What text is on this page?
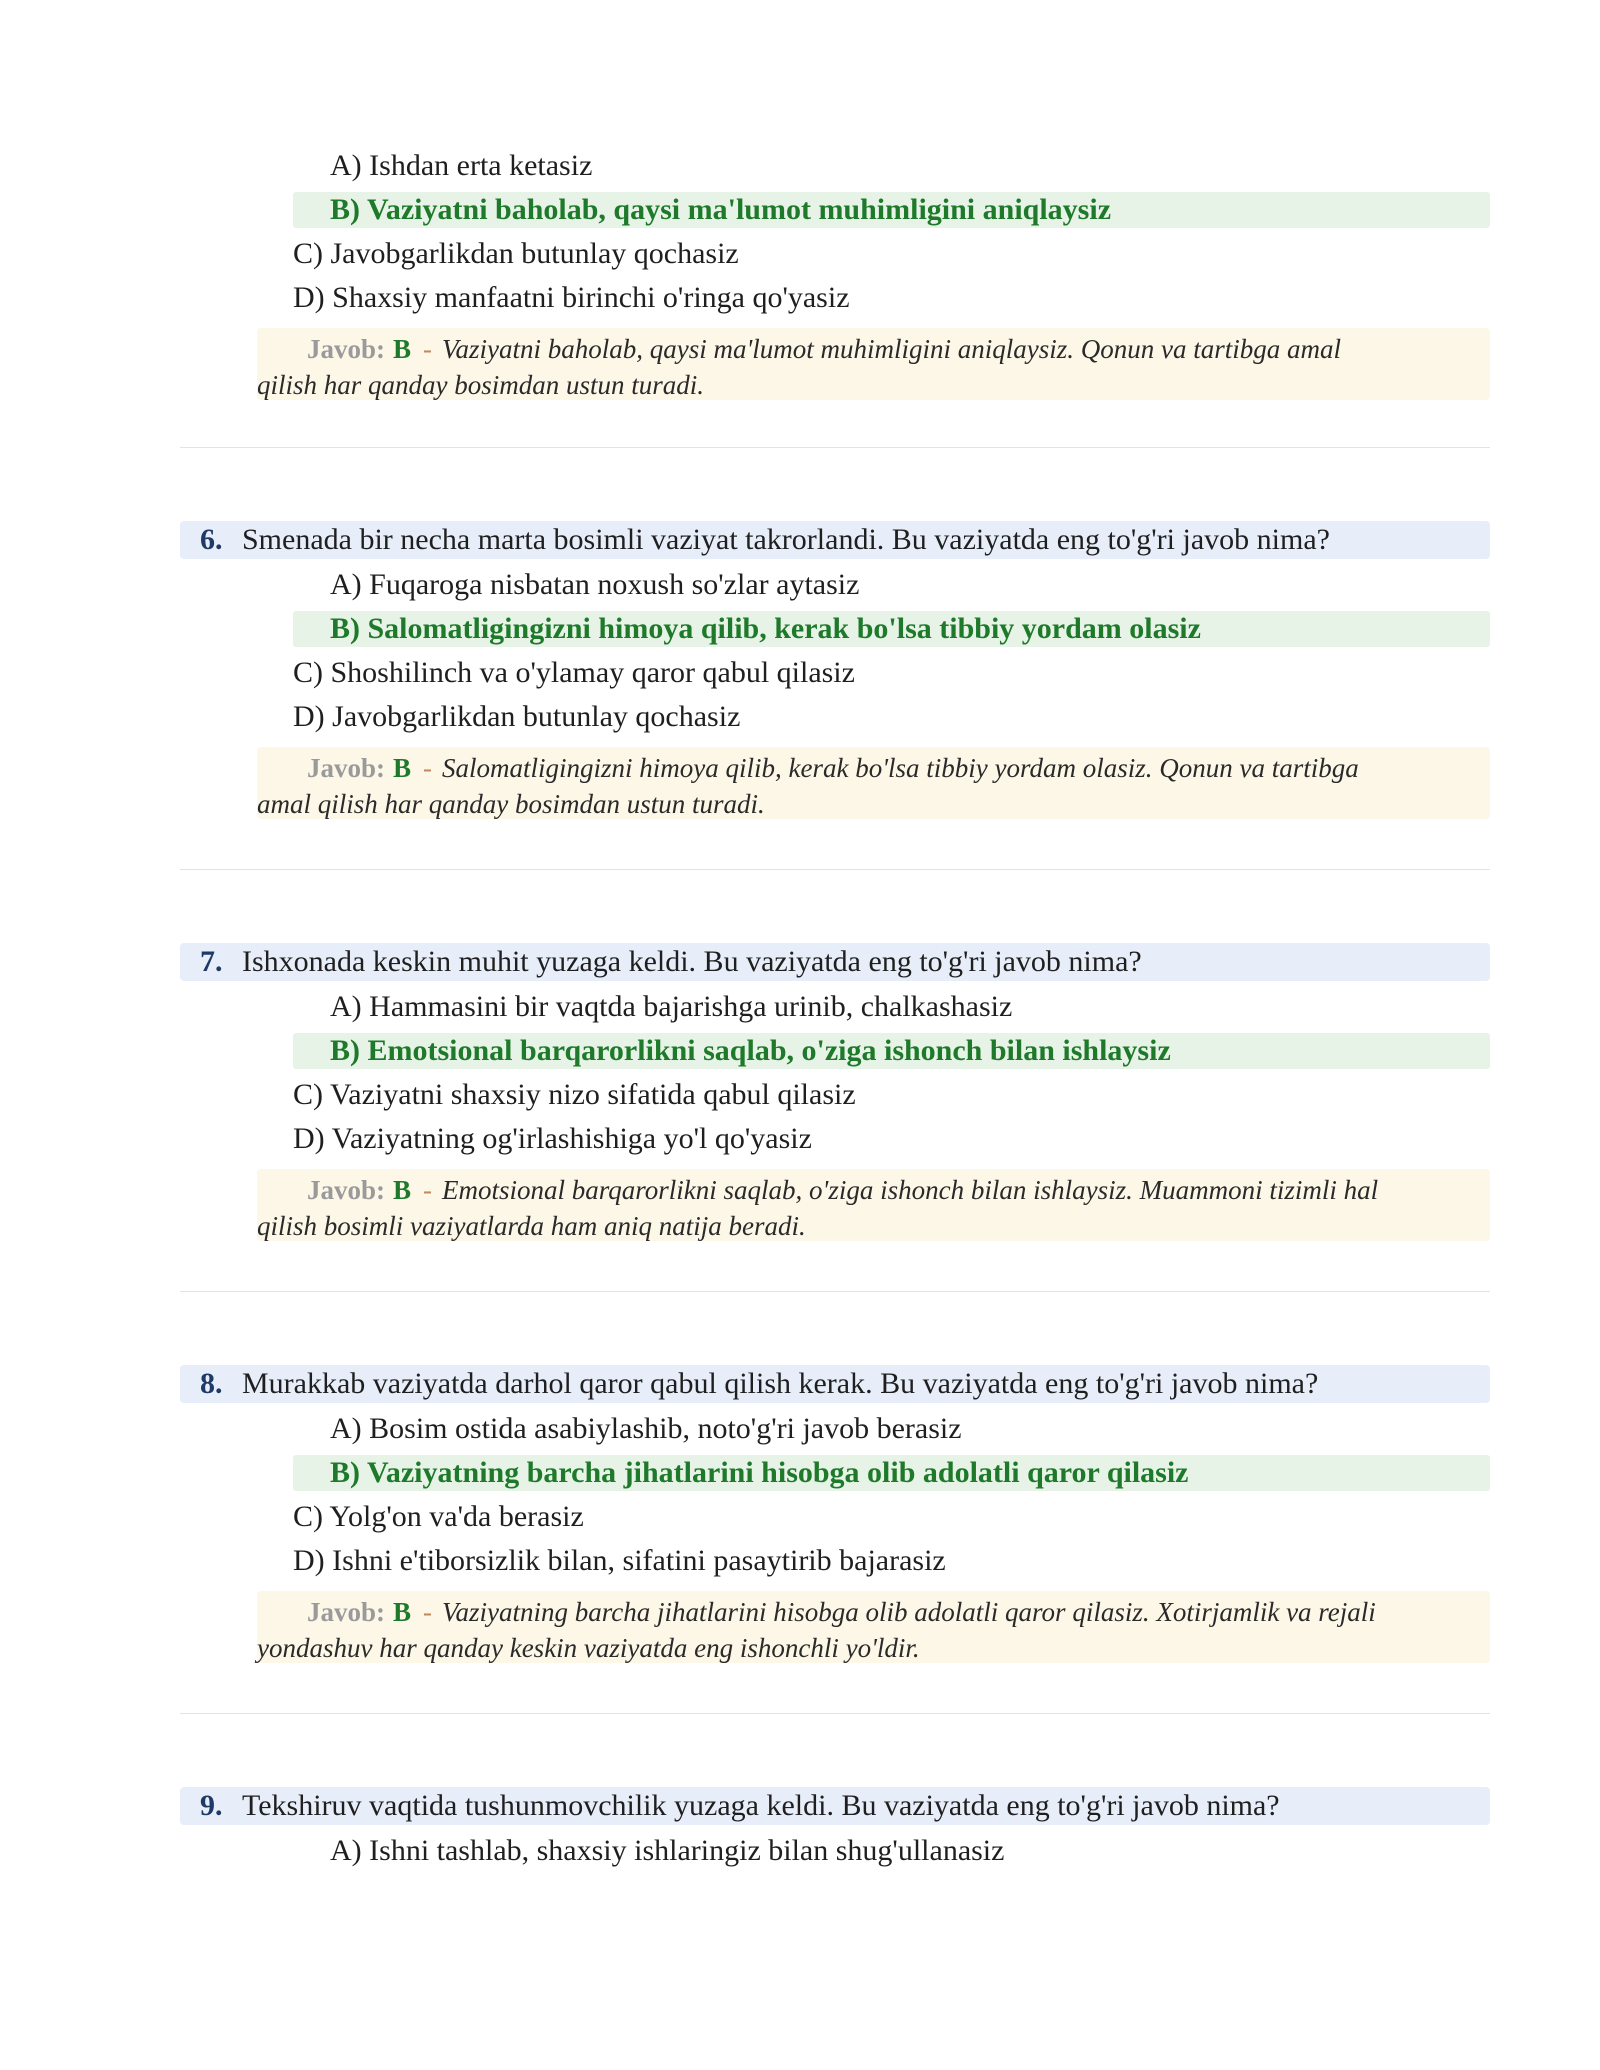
A) Ishdan erta ketasiz
B) Vaziyatni baholab, qaysi ma'lumot muhimligini aniqlaysiz
C) Javobgarlikdan butunlay qochasiz
D) Shaxsiy manfaatni birinchi o'ringa qo'yasiz
Javob: B - Vaziyatni baholab, qaysi ma'lumot muhimligini aniqlaysiz. Qonun va tartibga amal
qilish har qanday bosimdan ustun turadi.
6. Smenada bir necha marta bosimli vaziyat takrorlandi. Bu vaziyatda eng to'g'ri javob nima?
A) Fuqaroga nisbatan noxush so'zlar aytasiz
B) Salomatligingizni himoya qilib, kerak bo'lsa tibbiy yordam olasiz
C) Shoshilinch va o'ylamay qaror qabul qilasiz
D) Javobgarlikdan butunlay qochasiz
Javob: B - Salomatligingizni himoya qilib, kerak bo'lsa tibbiy yordam olasiz. Qonun va tartibga
amal qilish har qanday bosimdan ustun turadi.
7. Ishxonada keskin muhit yuzaga keldi. Bu vaziyatda eng to'g'ri javob nima?
A) Hammasini bir vaqtda bajarishga urinib, chalkashasiz
B) Emotsional barqarorlikni saqlab, o'ziga ishonch bilan ishlaysiz
C) Vaziyatni shaxsiy nizo sifatida qabul qilasiz
D) Vaziyatning og'irlashishiga yo'l qo'yasiz
Javob: B - Emotsional barqarorlikni saqlab, o'ziga ishonch bilan ishlaysiz. Muammoni tizimli hal
qilish bosimli vaziyatlarda ham aniq natija beradi.
8. Murakkab vaziyatda darhol qaror qabul qilish kerak. Bu vaziyatda eng to'g'ri javob nima?
A) Bosim ostida asabiylashib, noto'g'ri javob berasiz
B) Vaziyatning barcha jihatlarini hisobga olib adolatli qaror qilasiz
C) Yolg'on va'da berasiz
D) Ishni e'tiborsizlik bilan, sifatini pasaytirib bajarasiz
Javob: B - Vaziyatning barcha jihatlarini hisobga olib adolatli qaror qilasiz. Xotirjamlik va rejali
yondashuv har qanday keskin vaziyatda eng ishonchli yo'ldir.
9. Tekshiruv vaqtida tushunmovchilik yuzaga keldi. Bu vaziyatda eng to'g'ri javob nima?
A) Ishni tashlab, shaxsiy ishlaringiz bilan shug'ullanasiz
